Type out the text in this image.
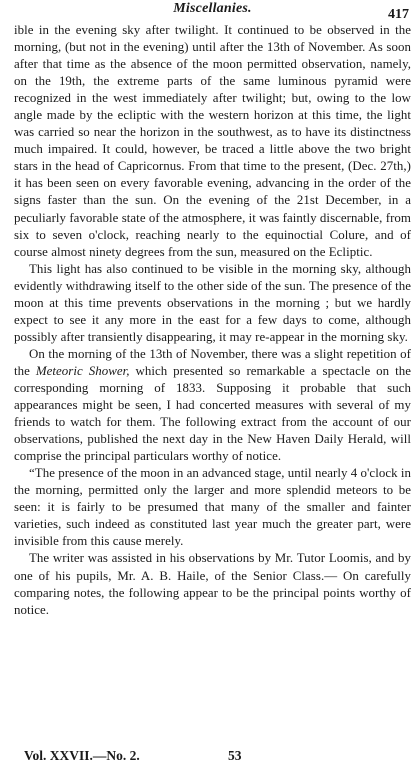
Miscellanies.	417

ible in the evening sky after twilight. It continued to be observed in the morning, (but not in the evening) until after the 13th of November. As soon after that time as the absence of the moon permitted observation, namely, on the 19th, the extreme parts of the same luminous pyramid were recognized in the west immediately after twilight; but, owing to the low angle made by the ecliptic with the western horizon at this time, the light was carried so near the horizon in the southwest, as to have its distinctness much impaired. It could, however, be traced a little above the two bright stars in the head of Capricornus. From that time to the present, (Dec. 27th,) it has been seen on every favorable evening, advancing in the order of the signs faster than the sun. On the evening of the 21st December, in a peculiarly favorable state of the atmosphere, it was faintly discernable, from six to seven o'clock, reaching nearly to the equinoctial Colure, and of course almost ninety degrees from the sun, measured on the Ecliptic.

This light has also continued to be visible in the morning sky, although evidently withdrawing itself to the other side of the sun. The presence of the moon at this time prevents observations in the morning ; but we hardly expect to see it any more in the east for a few days to come, although possibly after transiently disappearing, it may re-appear in the morning sky.

On the morning of the 13th of November, there was a slight repetition of the Meteoric Shower, which presented so remarkable a spectacle on the corresponding morning of 1833. Supposing it probable that such appearances might be seen, I had concerted measures with several of my friends to watch for them. The following extract from the account of our observations, published the next day in the New Haven Daily Herald, will comprise the principal particulars worthy of notice.

“The presence of the moon in an advanced stage, until nearly 4 o'clock in the morning, permitted only the larger and more splendid meteors to be seen: it is fairly to be presumed that many of the smaller and fainter varieties, such indeed as constituted last year much the greater part, were invisible from this cause merely.

The writer was assisted in his observations by Mr. Tutor Loomis, and by one of his pupils, Mr. A. B. Haile, of the Senior Class.— On carefully comparing notes, the following appear to be the principal points worthy of notice.

Vol. XXVII.—No. 2.	53
